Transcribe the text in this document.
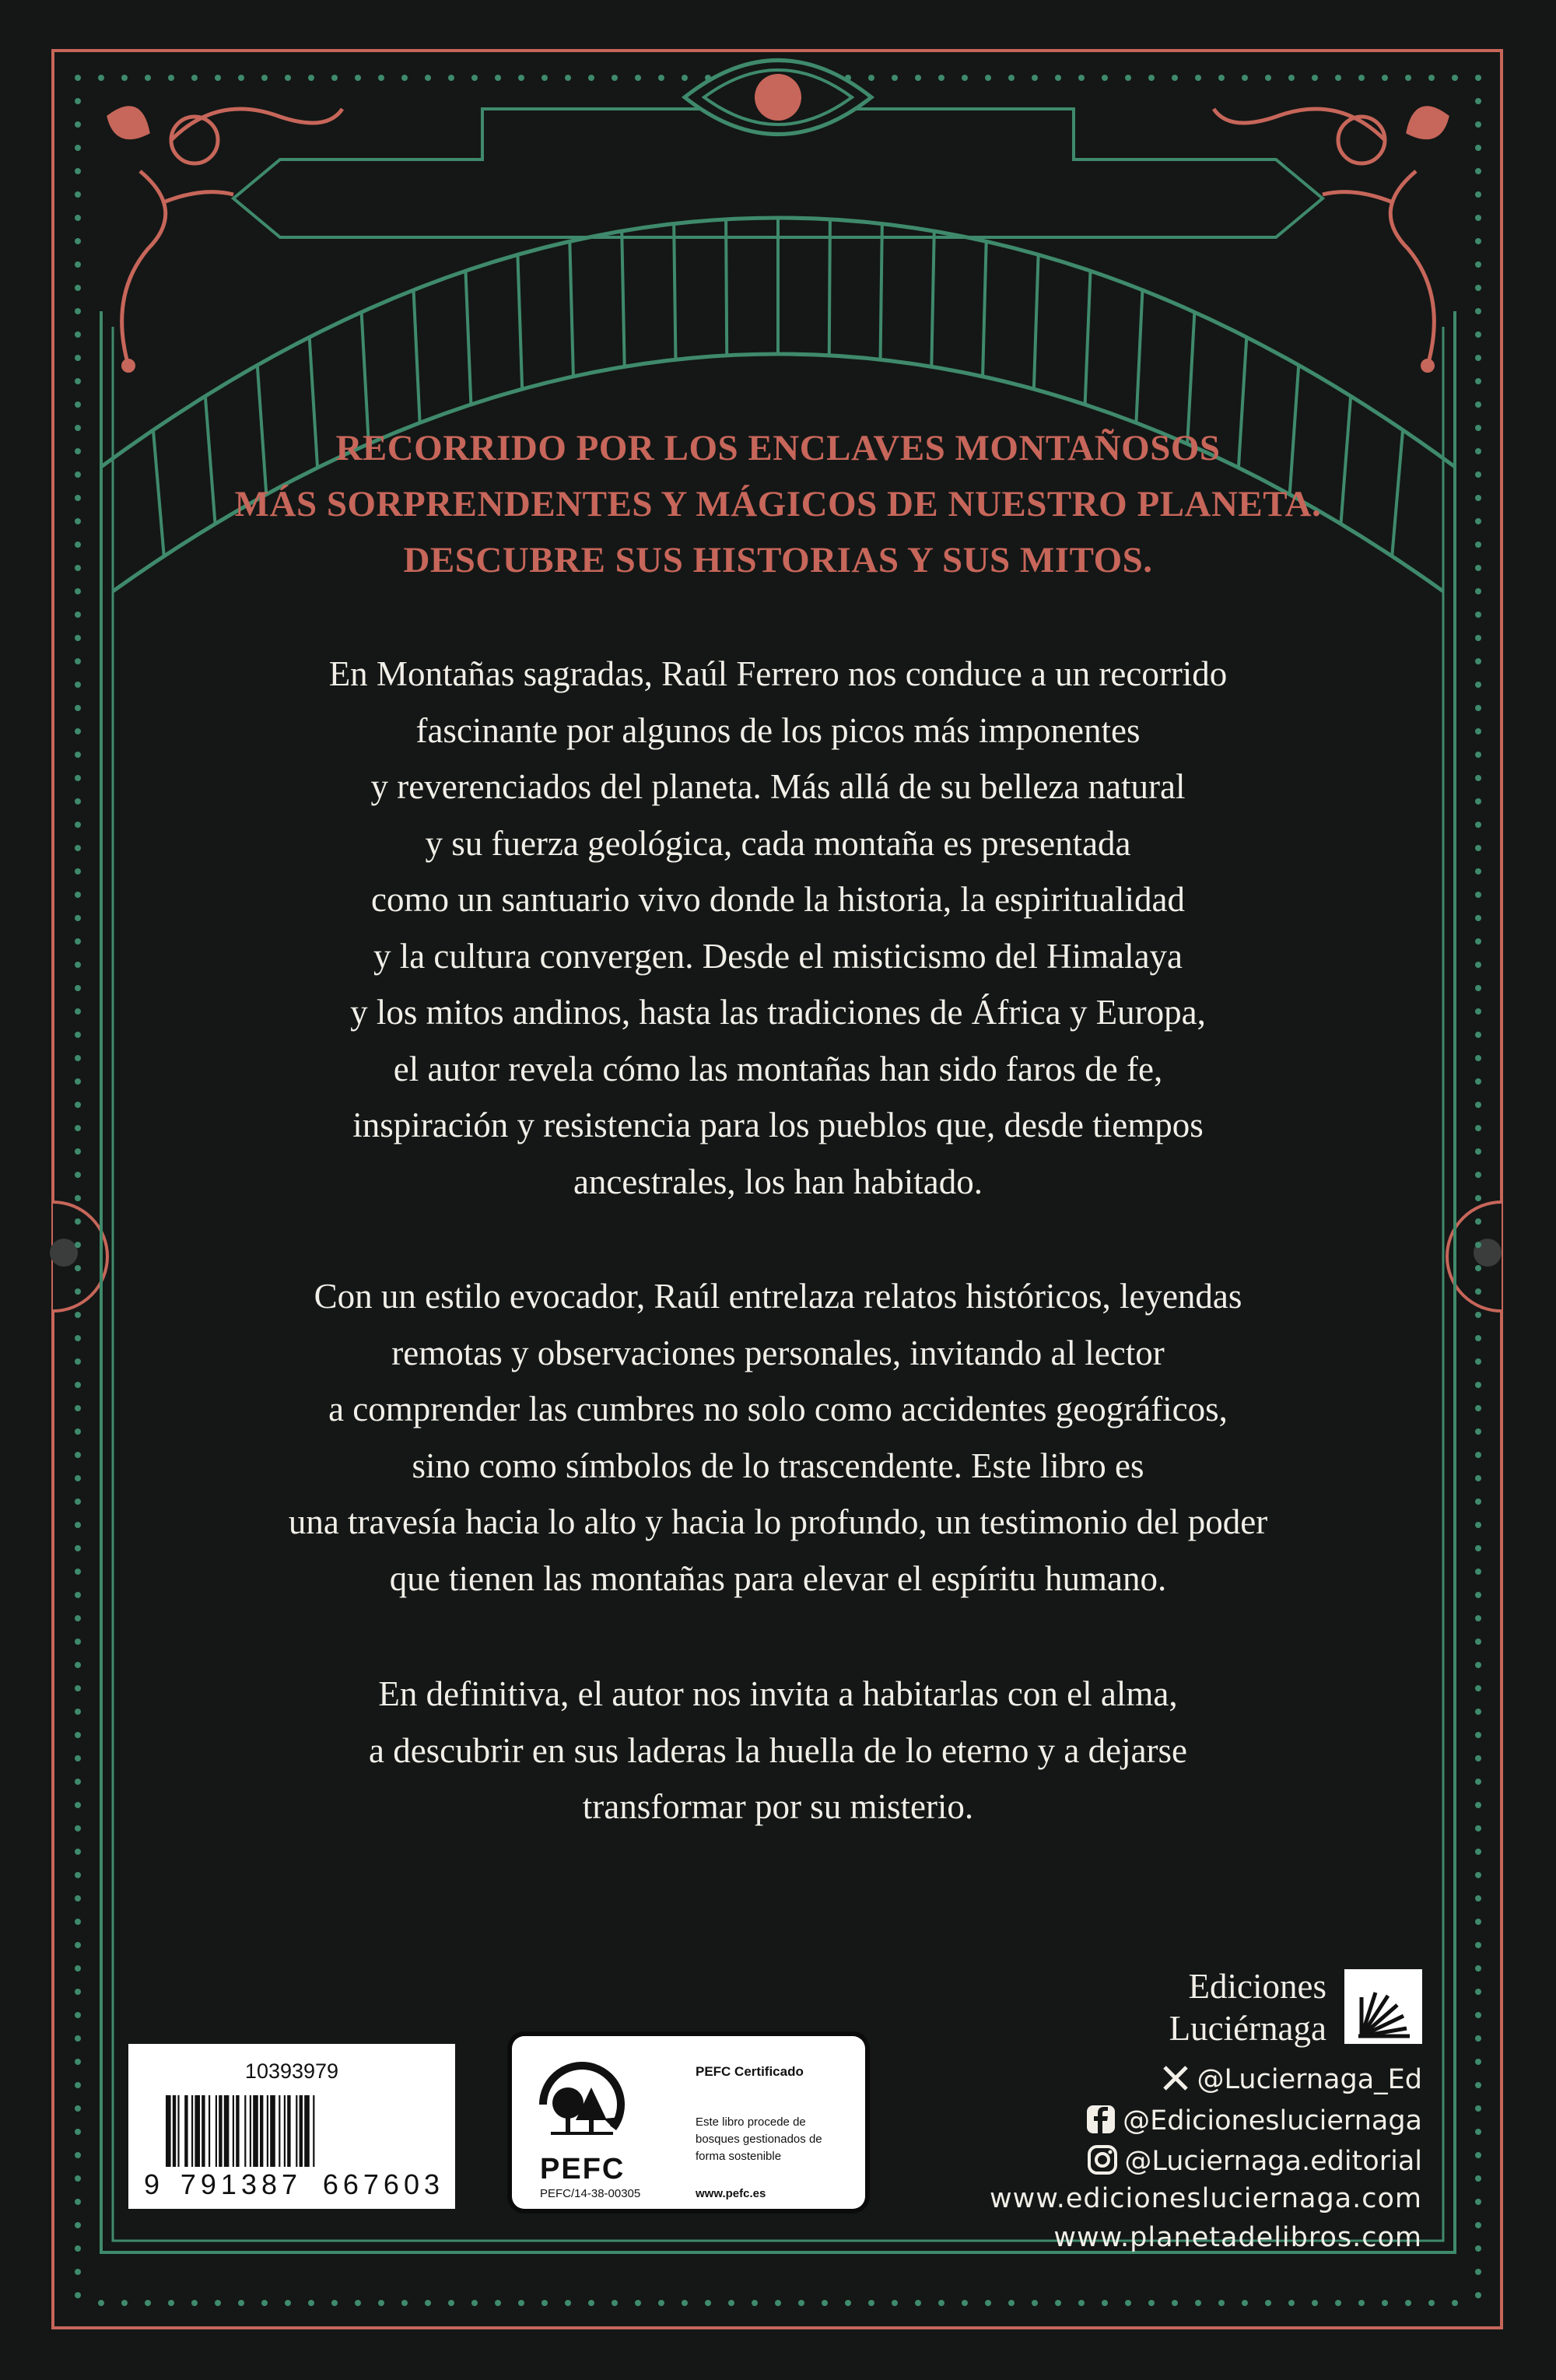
RECORRIDO POR LOS ENCLAVES MONTAÑOSOS
MÁS SORPRENDENTES Y MÁGICOS DE NUESTRO PLANETA.
DESCUBRE SUS HISTORIAS Y SUS MITOS.
En Montañas sagradas, Raúl Ferrero nos conduce a un recorrido
fascinante por algunos de los picos más imponentes
y reverenciados del planeta. Más allá de su belleza natural
y su fuerza geológica, cada montaña es presentada
como un santuario vivo donde la historia, la espiritualidad
y la cultura convergen. Desde el misticismo del Himalaya
y los mitos andinos, hasta las tradiciones de África y Europa,
el autor revela cómo las montañas han sido faros de fe,
inspiración y resistencia para los pueblos que, desde tiempos
ancestrales, los han habitado.
Con un estilo evocador, Raúl entrelaza relatos históricos, leyendas
remotas y observaciones personales, invitando al lector
a comprender las cumbres no solo como accidentes geográficos,
sino como símbolos de lo trascendente. Este libro es
una travesía hacia lo alto y hacia lo profundo, un testimonio del poder
que tienen las montañas para elevar el espíritu humano.
En definitiva, el autor nos invita a habitarlas con el alma,
a descubrir en sus laderas la huella de lo eterno y a dejarse
transformar por su misterio.
10393979
9 791387 667603	PEFC
PEFC/14-38-00305
PEFC Certificado
Este libro procede de bosques gestionados de forma sostenible
www.pefc.es
Ediciones
Luciérnaga
@Luciernaga_Ed
@Edicionesluciernaga
@Luciernaga.editorial
www.edicionesluciernaga.com
www.planetadelibros.com
